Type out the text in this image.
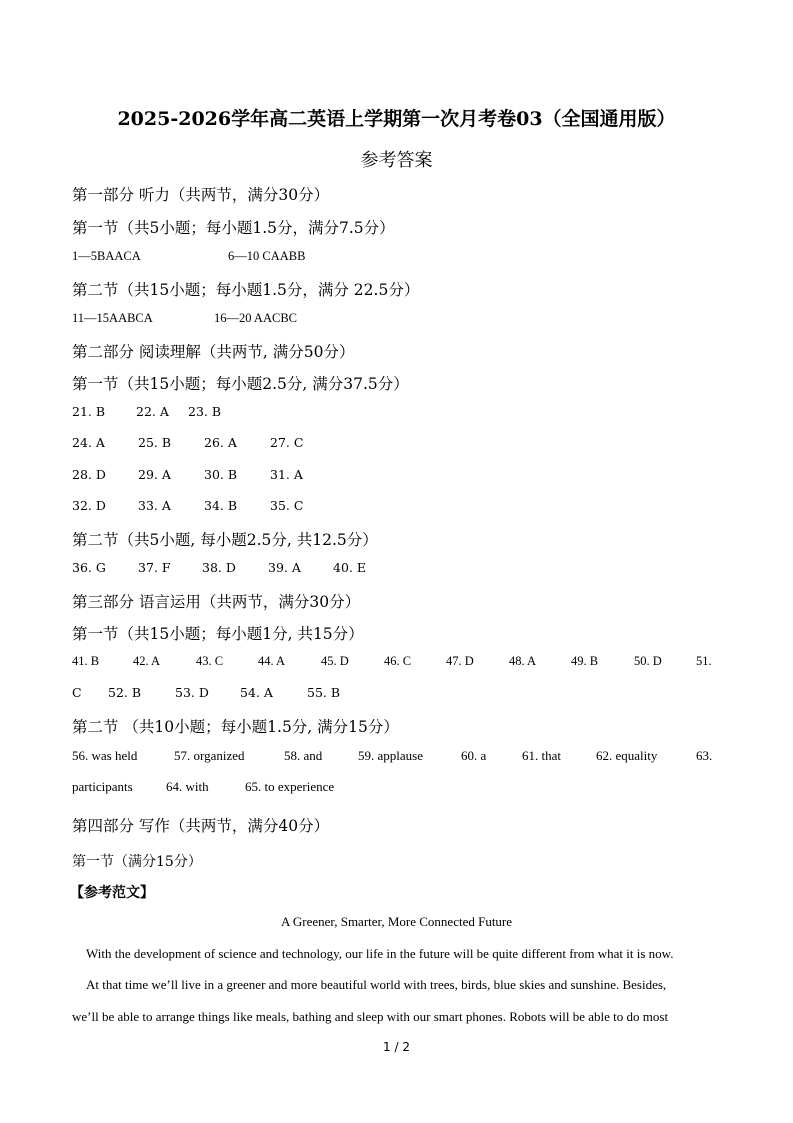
2025-2026学年高二英语上学期第一次月考卷03（全国通用版）
参考答案
第一部分 听力（共两节，满分30分）
第一节（共5小题；每小题1.5分，满分7.5分）
1—5BAACA	6—10 CAABB
第二节（共15小题；每小题1.5分，满分 22.5分）
11—15AABCA	16—20 AACBC
第二部分 阅读理解（共两节, 满分50分）
第一节（共15小题；每小题2.5分, 满分37.5分）
21. B 22. A 23. B
24. A	25. B	26. A	27. C
28. D	29. A	30. B	31. A
32. D	33. A	34. B	35. C
第二节（共5小题, 每小题2.5分, 共12.5分）
36. G	37. F	38. D	39. A	40. E
第三部分 语言运用（共两节，满分30分）
第一节（共15小题；每小题1分, 共15分）
41. B	42. A	43. C	44. A	45. D	46. C	47. D	48. A	49. B	50. D	51.
C 52. B	53. D 54. A	55. B
第二节 （共10小题；每小题1.5分, 满分15分）
56. was held	57. organized	58. and	59. applause	60. a	61. that	62. equality	63.
participants	64. with	65. to experience
第四部分 写作（共两节，满分40分）
第一节（满分15分）
【参考范文】
A Greener, Smarter, More Connected Future
With the development of science and technology, our life in the future will be quite different from what it is now.
At that time we’ll live in a greener and more beautiful world with trees, birds, blue skies and sunshine. Besides,
we’ll be able to arrange things like meals, bathing and sleep with our smart phones. Robots will be able to do most
1 / 2
